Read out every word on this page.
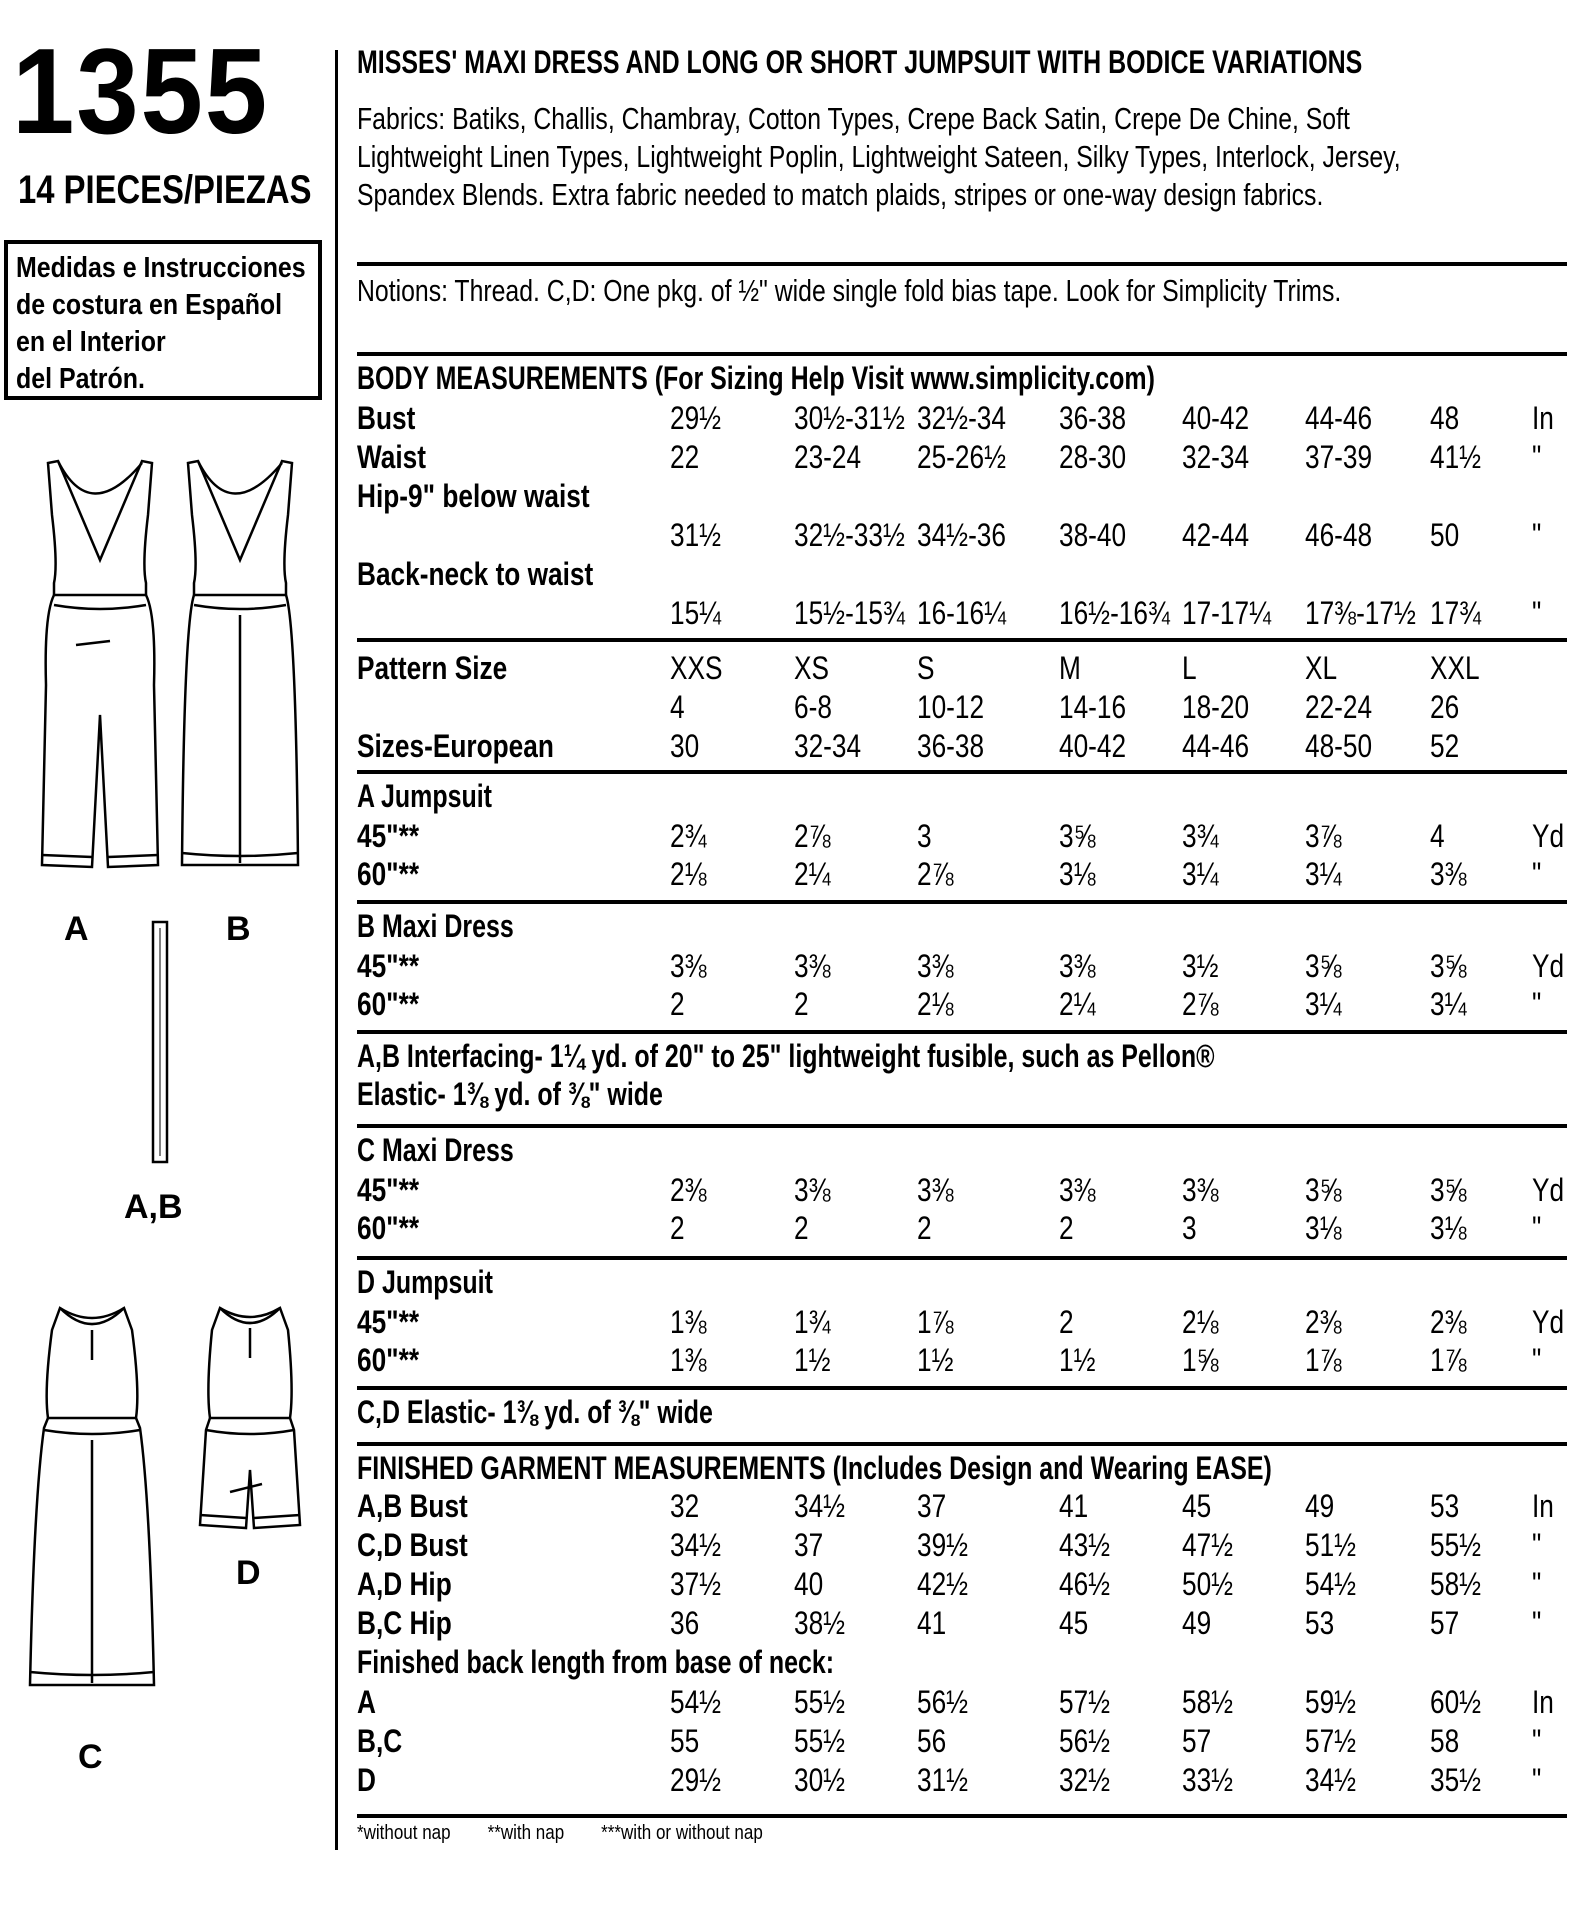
1355
14 PIECES/PIEZAS
Medidas e Instrucciones
de costura en Español
en el Interior
del Patrón.
A	B
A,B
C
D
MISSES' MAXI DRESS AND LONG OR SHORT JUMPSUIT WITH BODICE VARIATIONS
Fabrics: Batiks, Challis, Chambray, Cotton Types, Crepe Back Satin, Crepe De Chine, Soft
Lightweight Linen Types, Lightweight Poplin, Lightweight Sateen, Silky Types, Interlock, Jersey,
Spandex Blends. Extra fabric needed to match plaids, stripes or one-way design fabrics.
Notions: Thread. C,D: One pkg. of ½" wide single fold bias tape. Look for Simplicity Trims.
BODY MEASUREMENTS (For Sizing Help Visit www.simplicity.com)
Bust	29½ 30½-31½ 32½-34 36-38 40-42 44-46 48 In
Waist	22	23-24 25-26½ 28-30 32-34 37-39 41½ "
Hip-9" below waist
31½ 32½-33½ 34½-36 38-40 42-44 46-48 50 "
Back-neck to waist
15¼ 15½-15¾ 16-16¼ 16½-16¾ 17-17¼ 17⅜-17½ 17¾ "
Pattern Size	XXS XS	S	M	L	XL	XXL
4	6-8	10-12 14-16 18-20 22-24 26
Sizes-European	30	32-34 36-38 40-42 44-46 48-50 52
A Jumpsuit
45"**	2¾	2⅞	3	3⅝	3¾	3⅞	4	Yd
60"**	2⅛	2¼	2⅞	3⅛	3¼	3¼	3⅜ "
B Maxi Dress
45"**	3⅜	3⅜	3⅜	3⅜	3½	3⅝	3⅝ Yd
60"**	2	2	2⅛	2¼	2⅞	3¼	3¼ "
A,B Interfacing- 1¼ yd. of 20" to 25" lightweight fusible, such as Pellon®
Elastic- 1⅜ yd. of ⅜" wide
C Maxi Dress
45"**	2⅜	3⅜	3⅜	3⅜	3⅜	3⅝	3⅝ Yd
60"**	2	2	2	2	3	3⅛	3⅛ "
D Jumpsuit
45"**	1⅜	1¾	1⅞	2	2⅛	2⅜	2⅜ Yd
60"**	1⅜	1½	1½	1½	1⅝	1⅞	1⅞ "
C,D Elastic- 1⅜ yd. of ⅜" wide
FINISHED GARMENT MEASUREMENTS (Includes Design and Wearing EASE)
A,B Bust	32	34½ 37	41	45	49	53 In
C,D Bust	34½ 37	39½	43½ 47½ 51½ 55½ "
A,D Hip	37½ 40	42½	46½ 50½ 54½ 58½ "
B,C Hip	36	38½ 41	45	49	53	57 "
Finished back length from base of neck:
A	54½ 55½ 56½	57½ 58½ 59½ 60½ In
B,C	55	55½ 56	56½ 57	57½ 58 "
D	29½ 30½ 31½	32½ 33½ 34½ 35½ "
*without nap **with nap ***with or without nap
